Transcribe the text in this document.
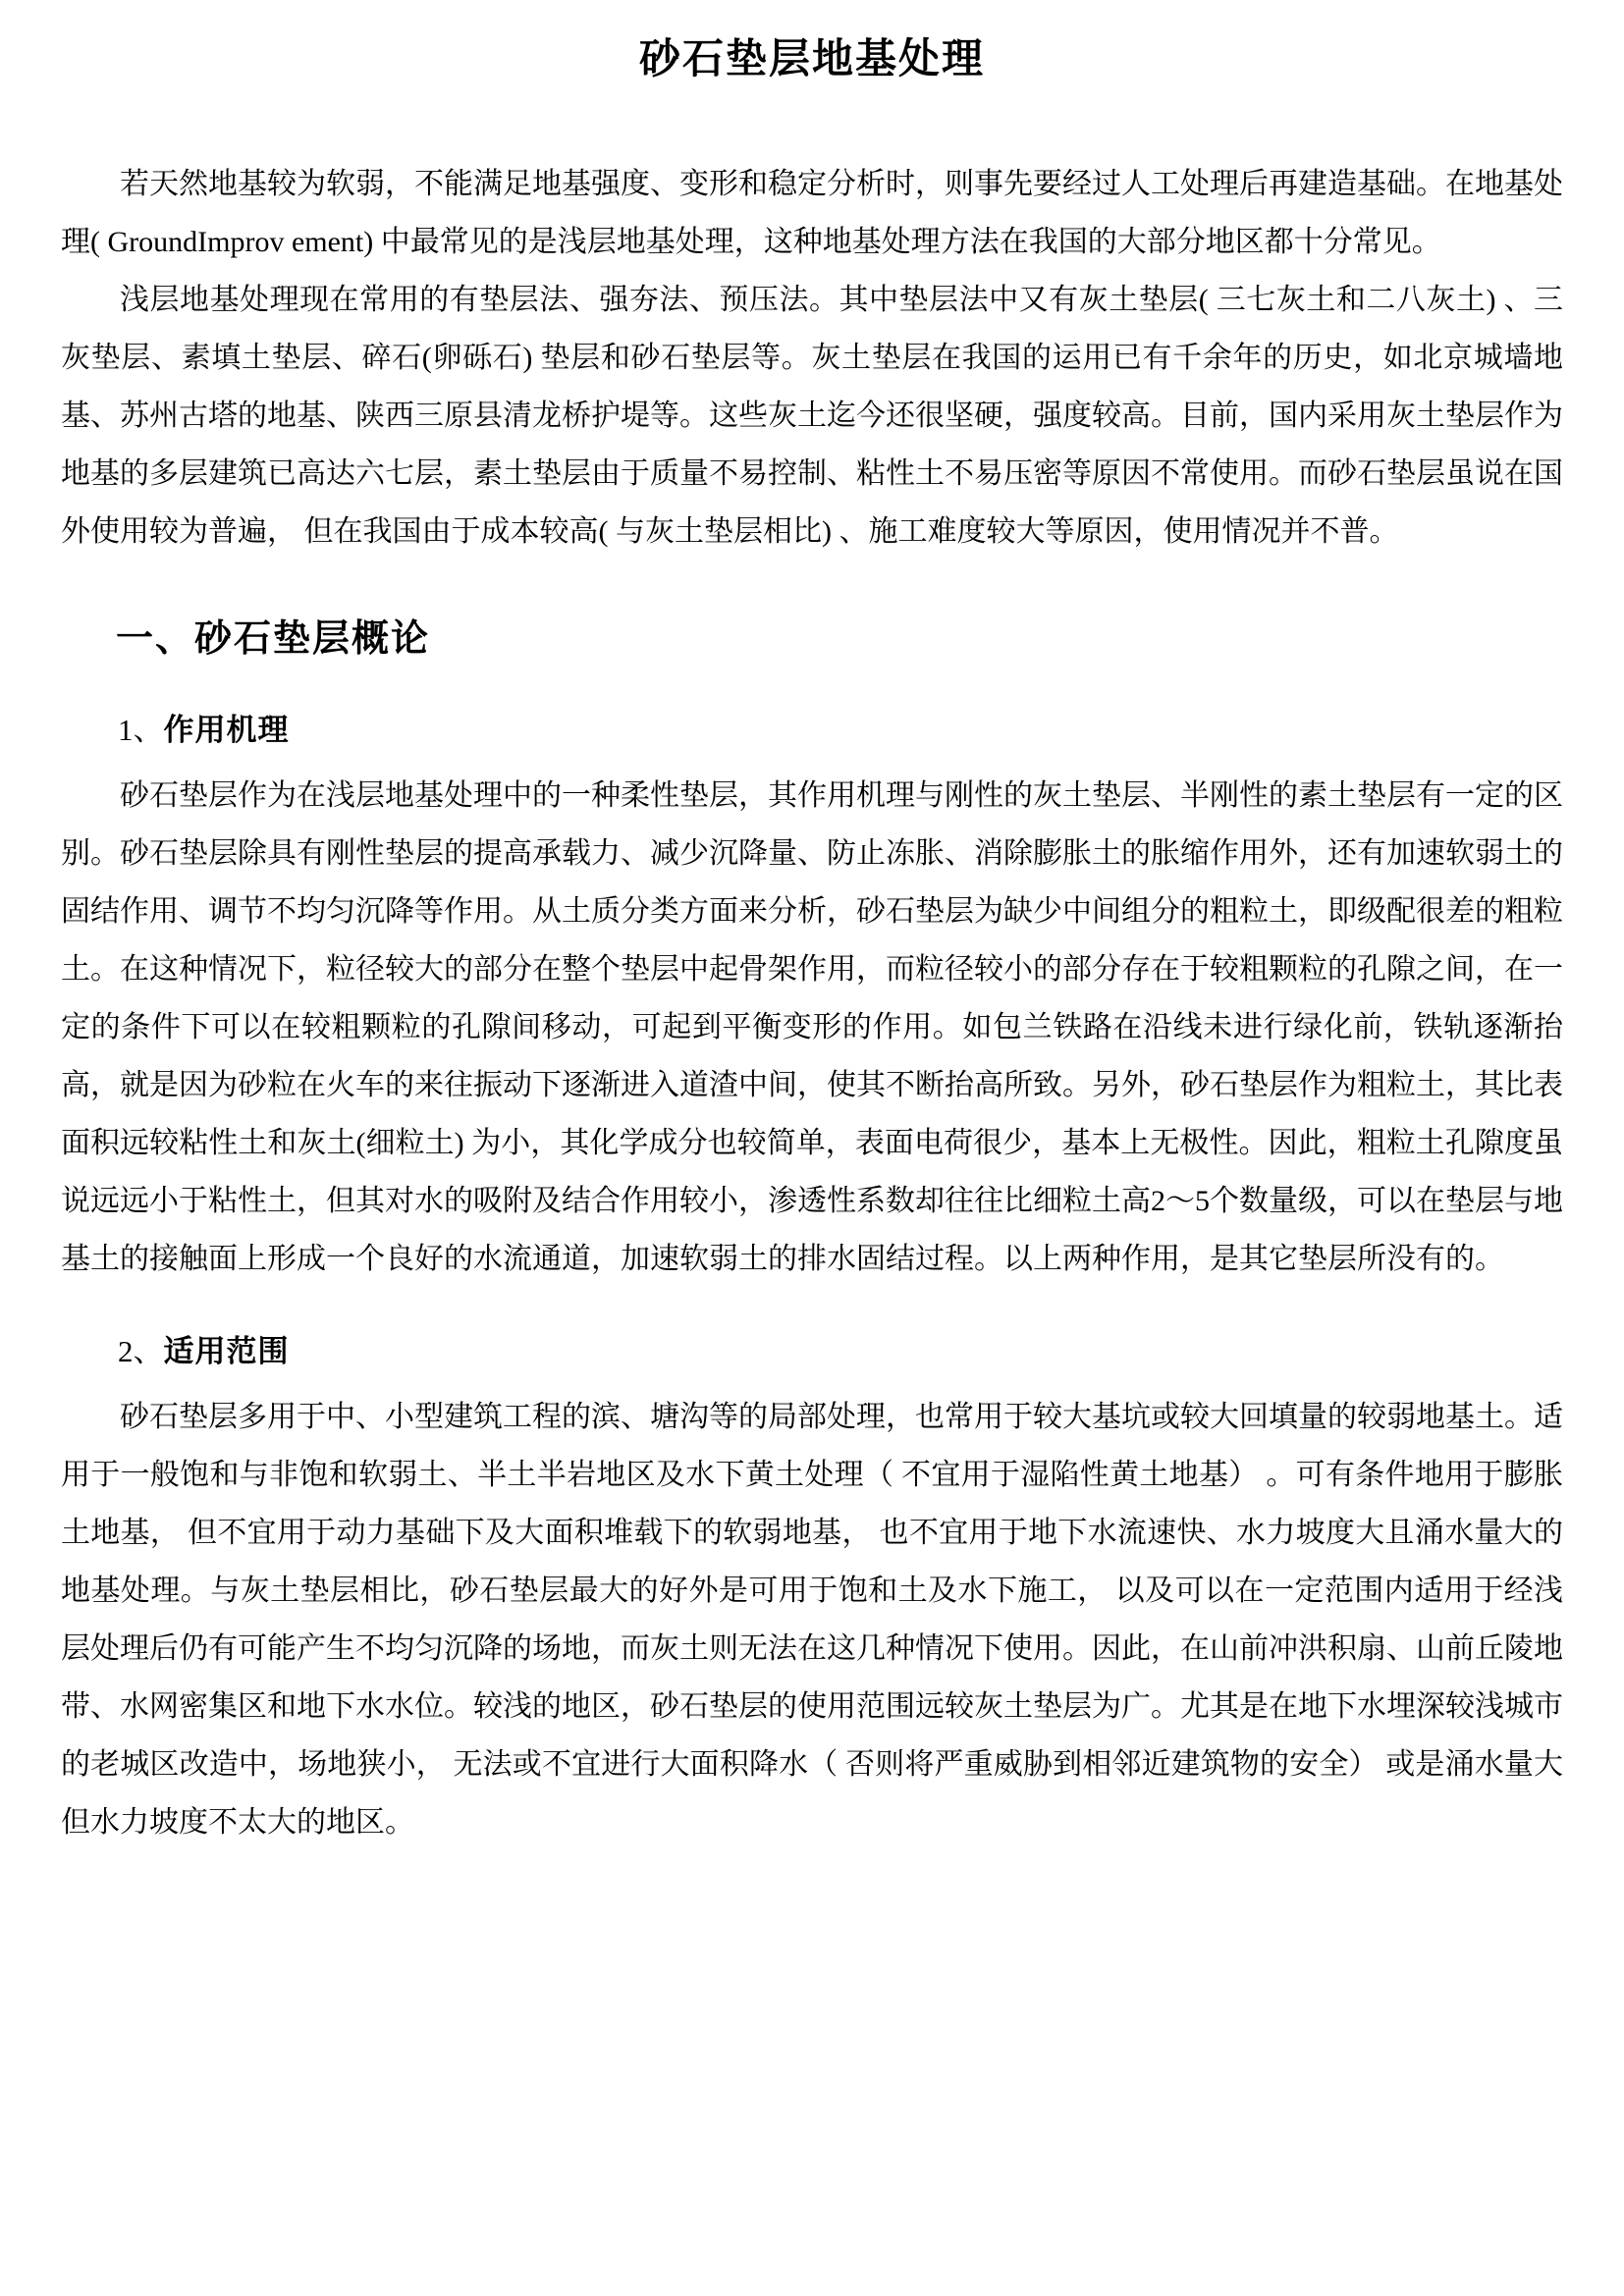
砂石垫层地基处理

若天然地基较为软弱，不能满足地基强度、变形和稳定分析时，则事先要经过人工处理后再建造基础。在地基处理( GroundImprov ement) 中最常见的是浅层地基处理，这种地基处理方法在我国的大部分地区都十分常见。

浅层地基处理现在常用的有垫层法、强夯法、预压法。其中垫层法中又有灰土垫层( 三七灰土和二八灰土) 、三灰垫层、素填土垫层、碎石(卵砾石) 垫层和砂石垫层等。灰土垫层在我国的运用已有千余年的历史，如北京城墙地基、苏州古塔的地基、陕西三原县清龙桥护堤等。这些灰土迄今还很坚硬，强度较高。目前，国内采用灰土垫层作为地基的多层建筑已高达六七层，素土垫层由于质量不易控制、粘性土不易压密等原因不常使用。而砂石垫层虽说在国外使用较为普遍， 但在我国由于成本较高( 与灰土垫层相比) 、施工难度较大等原因，使用情况并不普。

一、砂石垫层概论
1、作用机理

砂石垫层作为在浅层地基处理中的一种柔性垫层，其作用机理与刚性的灰土垫层、半刚性的素土垫层有一定的区别。砂石垫层除具有刚性垫层的提高承载力、减少沉降量、防止冻胀、消除膨胀土的胀缩作用外，还有加速软弱土的固结作用、调节不均匀沉降等作用。从土质分类方面来分析，砂石垫层为缺少中间组分的粗粒土，即级配很差的粗粒土。在这种情况下，粒径较大的部分在整个垫层中起骨架作用，而粒径较小的部分存在于较粗颗粒的孔隙之间，在一定的条件下可以在较粗颗粒的孔隙间移动，可起到平衡变形的作用。如包兰铁路在沿线未进行绿化前，铁轨逐渐抬高，就是因为砂粒在火车的来往振动下逐渐进入道渣中间，使其不断抬高所致。另外，砂石垫层作为粗粒土，其比表面积远较粘性土和灰土(细粒土) 为小，其化学成分也较简单，表面电荷很少，基本上无极性。因此，粗粒土孔隙度虽说远远小于粘性土，但其对水的吸附及结合作用较小，渗透性系数却往往比细粒土高2～5个数量级，可以在垫层与地基土的接触面上形成一个良好的水流通道，加速软弱土的排水固结过程。以上两种作用，是其它垫层所没有的。

2、适用范围

砂石垫层多用于中、小型建筑工程的滨、塘沟等的局部处理，也常用于较大基坑或较大回填量的较弱地基土。适用于一般饱和与非饱和软弱土、半土半岩地区及水下黄土处理（ 不宜用于湿陷性黄土地基） 。可有条件地用于膨胀土地基， 但不宜用于动力基础下及大面积堆载下的软弱地基， 也不宜用于地下水流速快、水力坡度大且涌水量大的地基处理。与灰土垫层相比，砂石垫层最大的好外是可用于饱和土及水下施工， 以及可以在一定范围内适用于经浅层处理后仍有可能产生不均匀沉降的场地，而灰土则无法在这几种情况下使用。因此，在山前冲洪积扇、山前丘陵地带、水网密集区和地下水水位。较浅的地区，砂石垫层的使用范围远较灰土垫层为广。尤其是在地下水埋深较浅城市的老城区改造中，场地狭小， 无法或不宜进行大面积降水（ 否则将严重威胁到相邻近建筑物的安全） 或是涌水量大但水力坡度不太大的地区。
